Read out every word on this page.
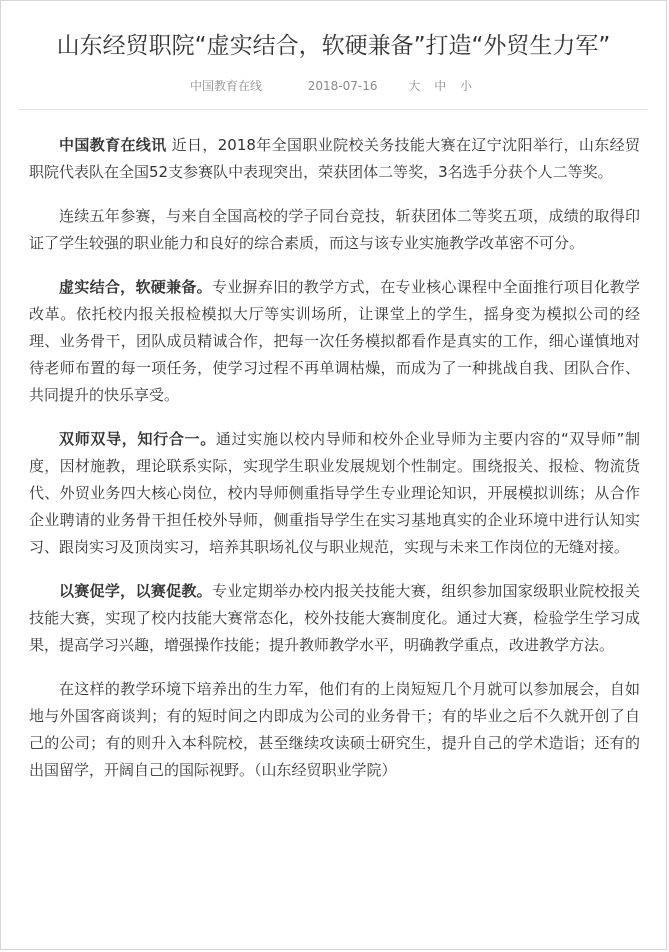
山东经贸职院“虚实结合，软硬兼备”打造“外贸生力军”
中国教育在线	2018-07-16	大 中 小

中国教育在线讯 近日，2018年全国职业院校关务技能大赛在辽宁沈阳举行，山东经贸职院代表队在全国52支参赛队中表现突出，荣获团体二等奖，3名选手分获个人二等奖。

连续五年参赛，与来自全国高校的学子同台竞技，斩获团体二等奖五项，成绩的取得印证了学生较强的职业能力和良好的综合素质，而这与该专业实施教学改革密不可分。

虚实结合，软硬兼备。专业摒弃旧的教学方式，在专业核心课程中全面推行项目化教学改革。依托校内报关报检模拟大厅等实训场所，让课堂上的学生，摇身变为模拟公司的经理、业务骨干，团队成员精诚合作，把每一次任务模拟都看作是真实的工作，细心谨慎地对待老师布置的每一项任务，使学习过程不再单调枯燥，而成为了一种挑战自我、团队合作、共同提升的快乐享受。

双师双导，知行合一。通过实施以校内导师和校外企业导师为主要内容的“双导师”制度，因材施教，理论联系实际，实现学生职业发展规划个性制定。围绕报关、报检、物流货代、外贸业务四大核心岗位，校内导师侧重指导学生专业理论知识，开展模拟训练；从合作企业聘请的业务骨干担任校外导师，侧重指导学生在实习基地真实的企业环境中进行认知实习、跟岗实习及顶岗实习，培养其职场礼仪与职业规范，实现与未来工作岗位的无缝对接。

以赛促学，以赛促教。专业定期举办校内报关技能大赛，组织参加国家级职业院校报关技能大赛，实现了校内技能大赛常态化，校外技能大赛制度化。通过大赛，检验学生学习成果，提高学习兴趣，增强操作技能；提升教师教学水平，明确教学重点，改进教学方法。

在这样的教学环境下培养出的生力军，他们有的上岗短短几个月就可以参加展会，自如地与外国客商谈判；有的短时间之内即成为公司的业务骨干；有的毕业之后不久就开创了自己的公司；有的则升入本科院校，甚至继续攻读硕士研究生，提升自己的学术造诣；还有的出国留学，开阔自己的国际视野。（山东经贸职业学院）
